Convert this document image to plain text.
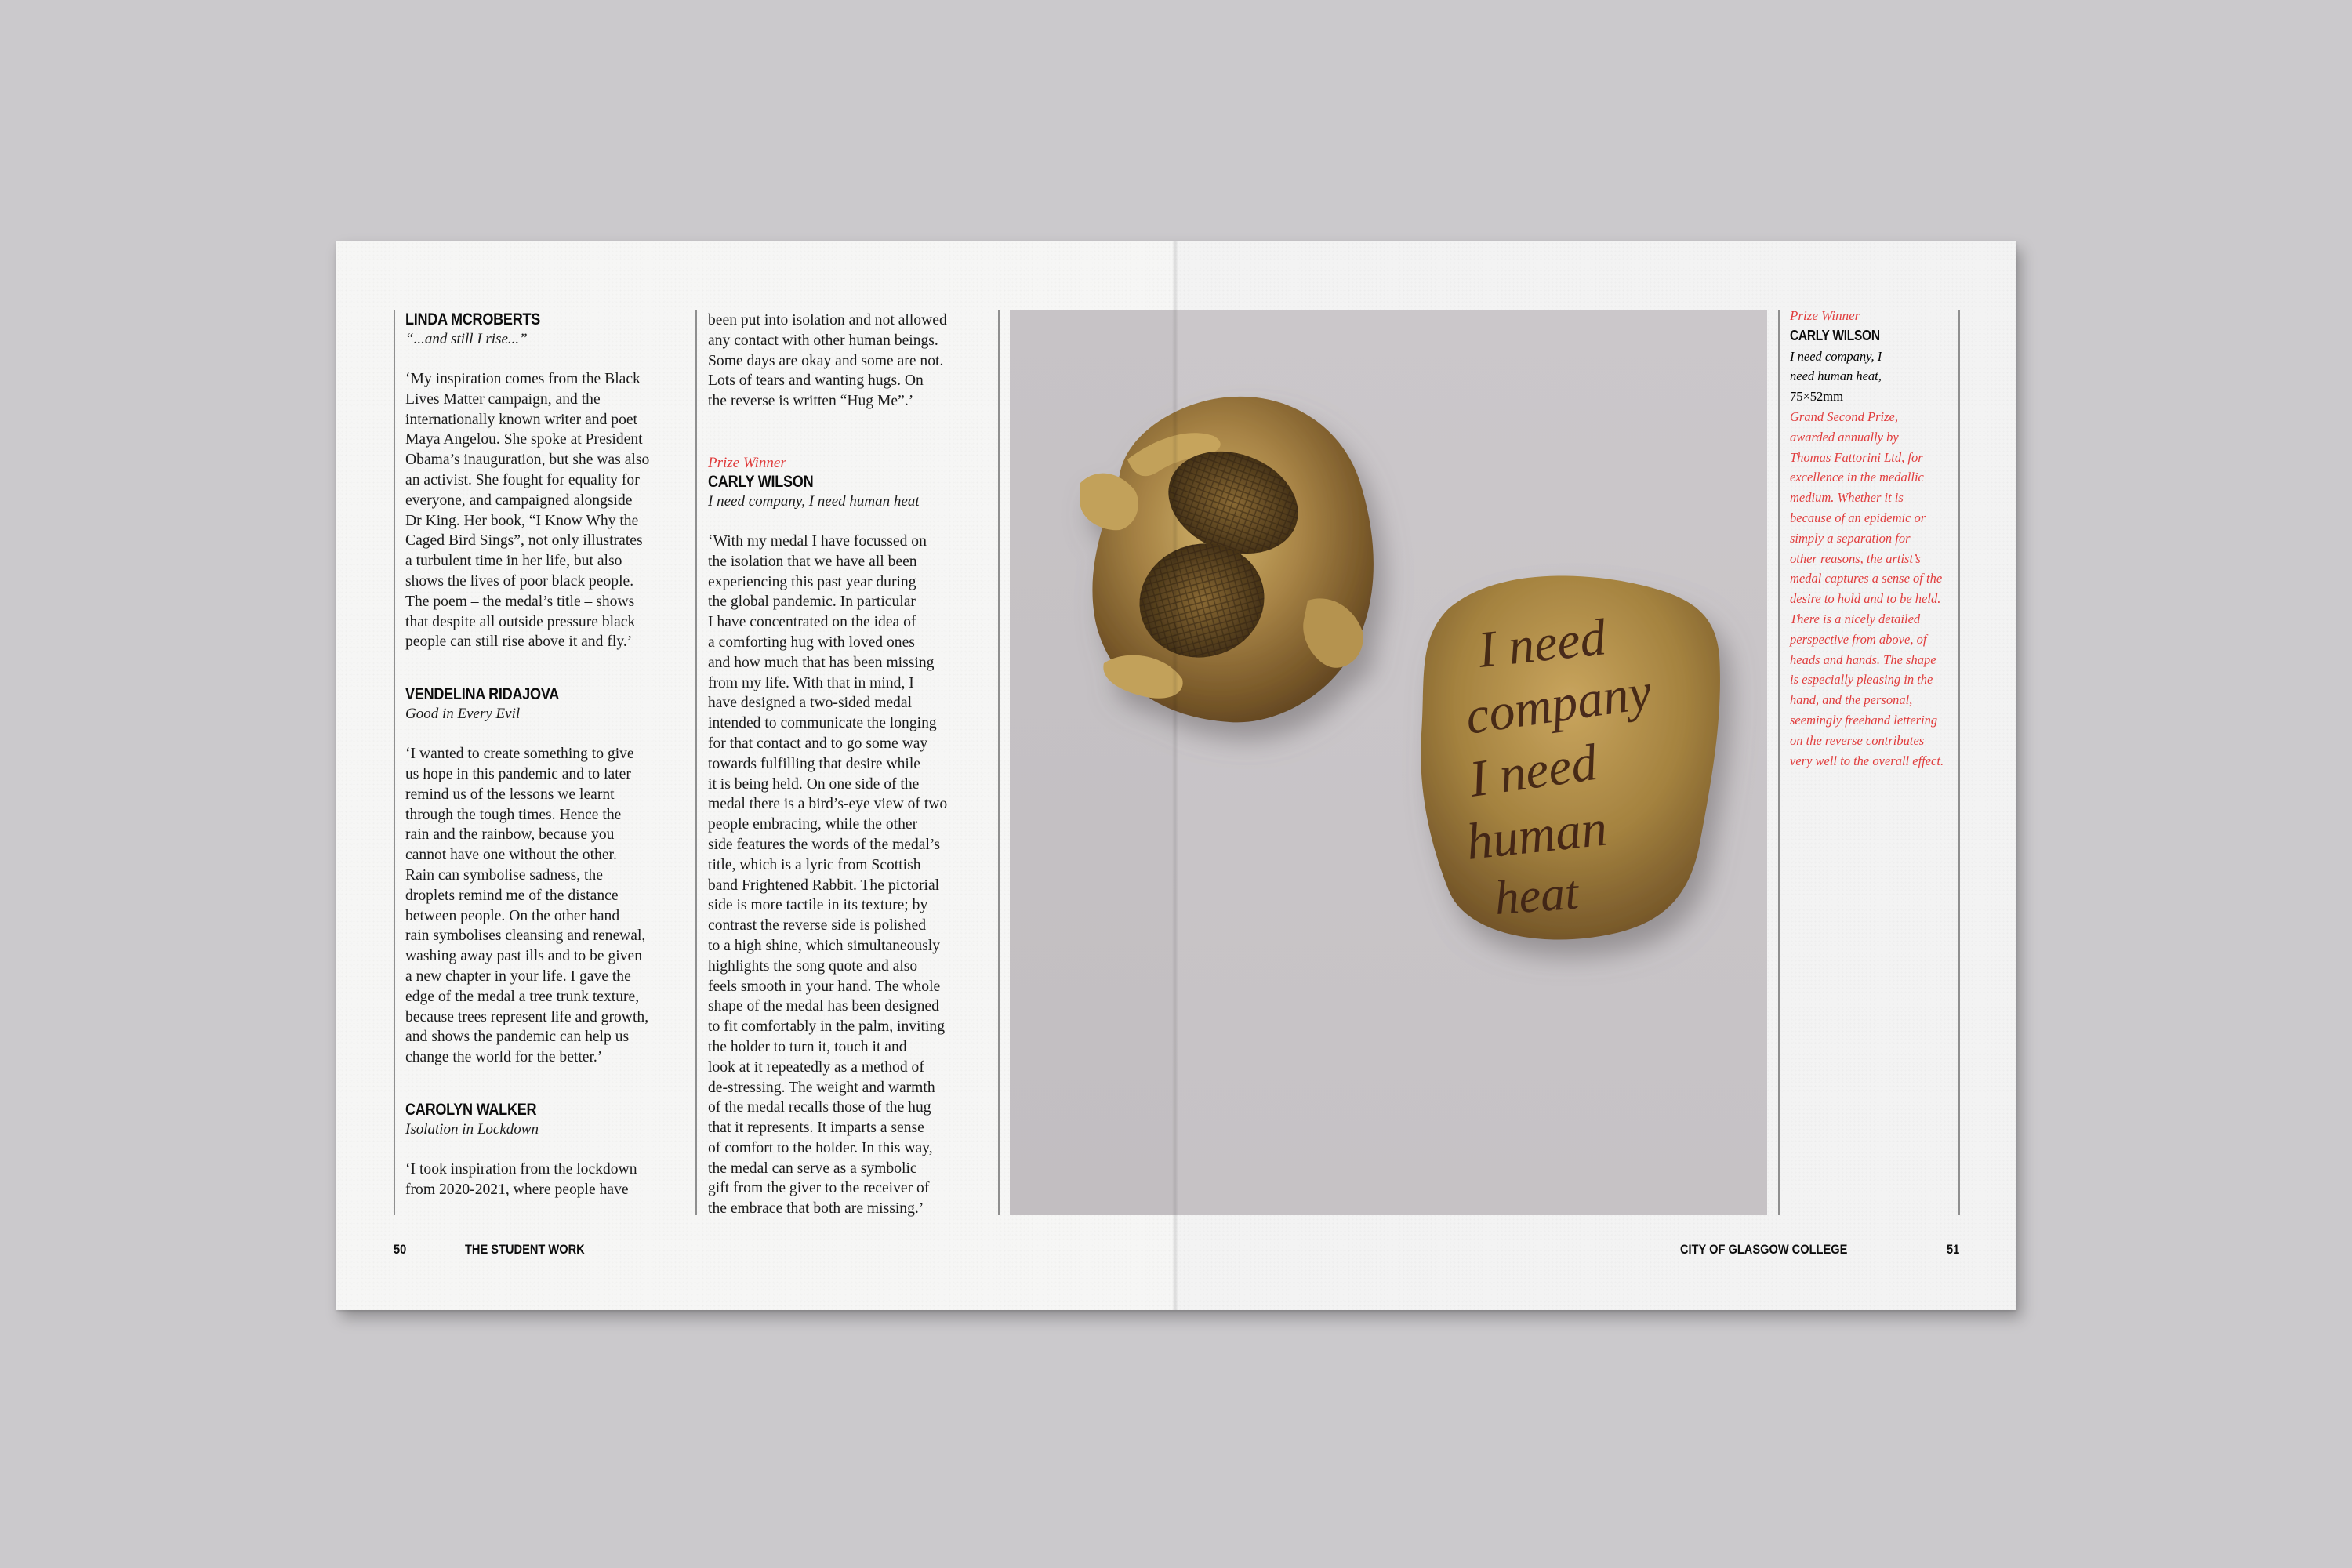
LINDA MCROBERTS
“...and still I rise...”
‘My inspiration comes from the Black
Lives Matter campaign, and the
internationally known writer and poet
Maya Angelou. She spoke at President
Obama’s inauguration, but she was also
an activist. She fought for equality for
everyone, and campaigned alongside
Dr King. Her book, “I Know Why the
Caged Bird Sings”, not only illustrates
a turbulent time in her life, but also
shows the lives of poor black people.
The poem – the medal’s title – shows
that despite all outside pressure black
people can still rise above it and fly.’
VENDELINA RIDAJOVA
Good in Every Evil
‘I wanted to create something to give
us hope in this pandemic and to later
remind us of the lessons we learnt
through the tough times. Hence the
rain and the rainbow, because you
cannot have one without the other.
Rain can symbolise sadness, the
droplets remind me of the distance
between people. On the other hand
rain symbolises cleansing and renewal,
washing away past ills and to be given
a new chapter in your life. I gave the
edge of the medal a tree trunk texture,
because trees represent life and growth,
and shows the pandemic can help us
change the world for the better.’
CAROLYN WALKER
Isolation in Lockdown
‘I took inspiration from the lockdown
from 2020-2021, where people have
been put into isolation and not allowed
any contact with other human beings.
Some days are okay and some are not.
Lots of tears and wanting hugs. On
the reverse is written “Hug Me”.’
Prize Winner
CARLY WILSON
I need company, I need human heat
‘With my medal I have focussed on
the isolation that we have all been
experiencing this past year during
the global pandemic. In particular
I have concentrated on the idea of
a comforting hug with loved ones
and how much that has been missing
from my life. With that in mind, I
have designed a two-sided medal
intended to communicate the longing
for that contact and to go some way
towards fulfilling that desire while
it is being held. On one side of the
medal there is a bird’s-eye view of two
people embracing, while the other
side features the words of the medal’s
title, which is a lyric from Scottish
band Frightened Rabbit. The pictorial
side is more tactile in its texture; by
contrast the reverse side is polished
to a high shine, which simultaneously
highlights the song quote and also
feels smooth in your hand. The whole
shape of the medal has been designed
to fit comfortably in the palm, inviting
the holder to turn it, touch it and
look at it repeatedly as a method of
de-stressing. The weight and warmth
of the medal recalls those of the hug
that it represents. It imparts a sense
of comfort to the holder. In this way,
the medal can serve as a symbolic
gift from the giver to the receiver of
the embrace that both are missing.’
50	THE STUDENT WORK
Prize Winner
CARLY WILSON
I need company, I
need human heat,
75×52mm
Grand Second Prize,
awarded annually by
Thomas Fattorini Ltd, for
excellence in the medallic
medium. Whether it is
because of an epidemic or
simply a separation for
other reasons, the artist’s
medal captures a sense of the
desire to hold and to be held.
There is a nicely detailed
perspective from above, of
heads and hands. The shape
is especially pleasing in the
hand, and the personal,
seemingly freehand lettering
on the reverse contributes
very well to the overall effect.
CITY OF GLASGOW COLLEGE	51
I need
company
I need
human
heat
